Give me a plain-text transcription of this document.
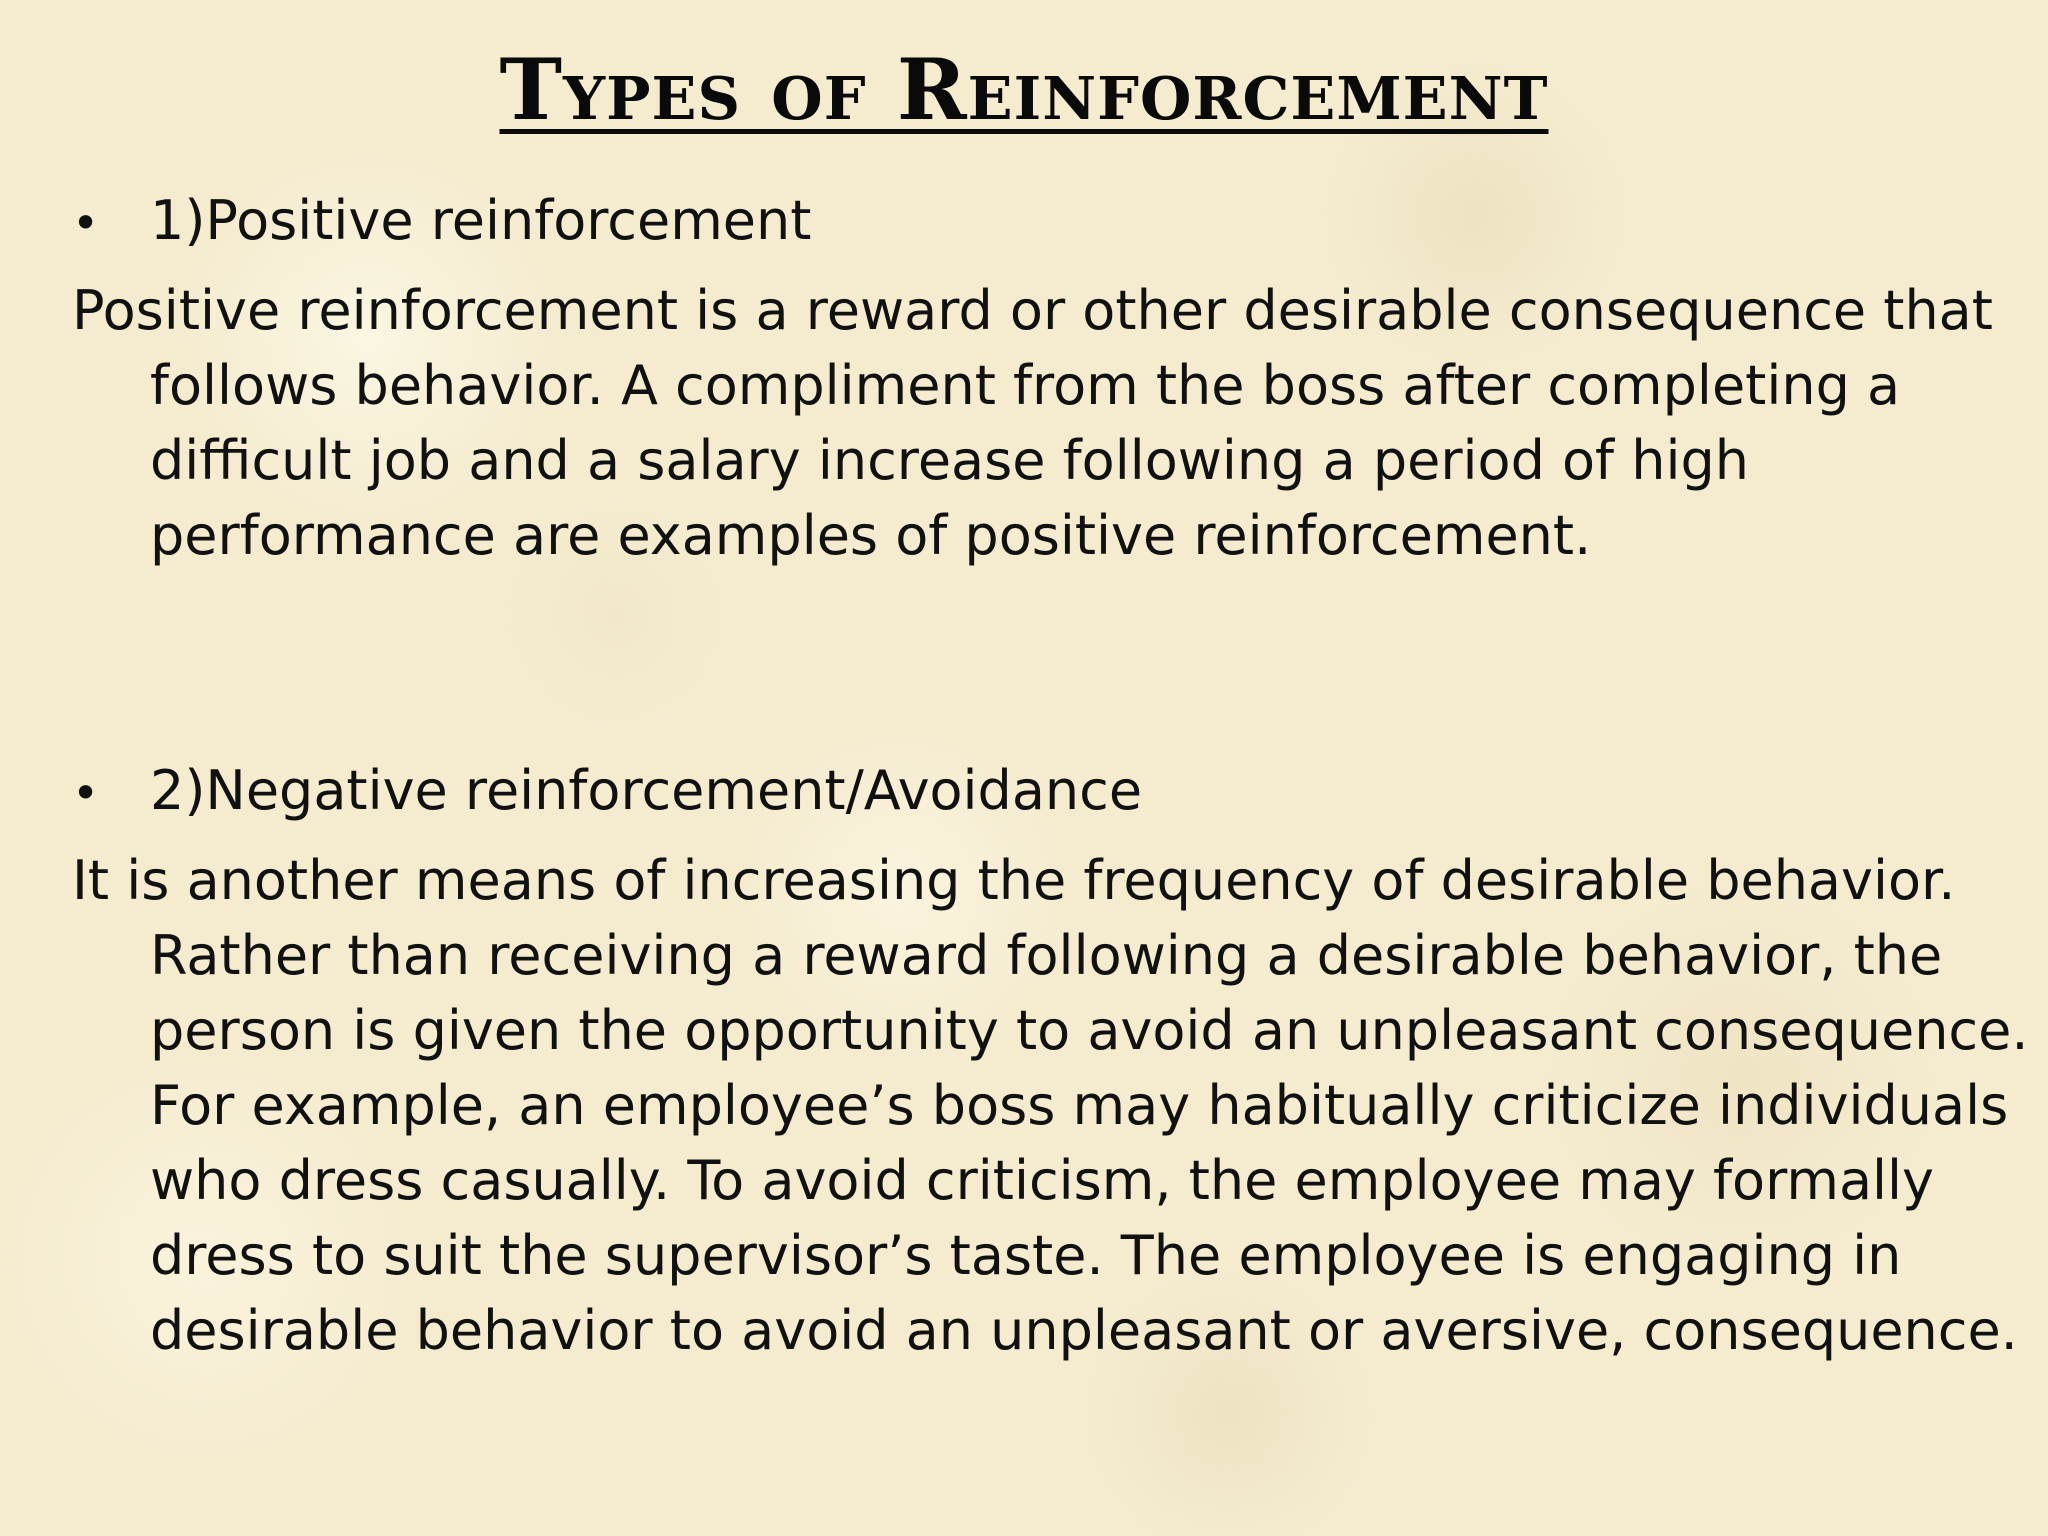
Types of Reinforcement
• 1)Positive reinforcement

Positive reinforcement is a reward or other desirable consequence that follows behavior. A compliment from the boss after completing a difficult job and a salary increase following a period of high performance are examples of positive reinforcement.

• 2)Negative reinforcement/Avoidance

It is another means of increasing the frequency of desirable behavior. Rather than receiving a reward following a desirable behavior, the person is given the opportunity to avoid an unpleasant consequence. For example, an employee’s boss may habitually criticize individuals who dress casually. To avoid criticism, the employee may formally dress to suit the supervisor’s taste. The employee is engaging in desirable behavior to avoid an unpleasant or aversive, consequence.
